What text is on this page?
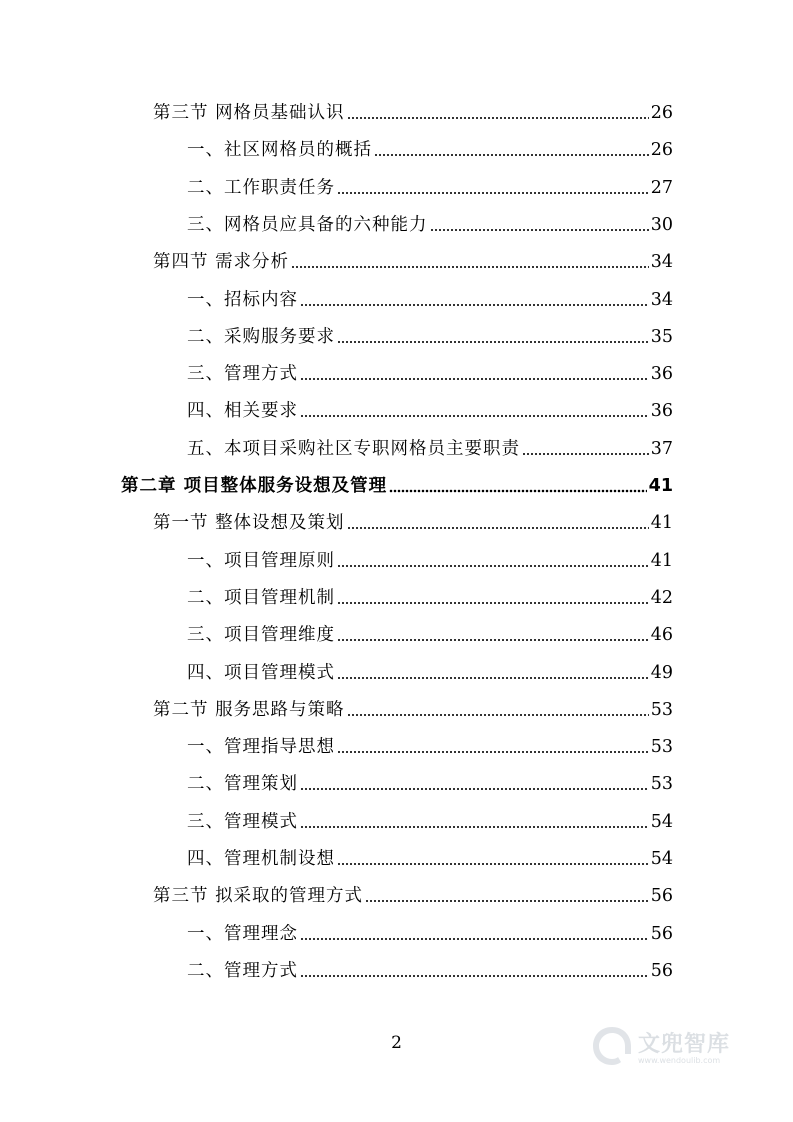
第三节 网格员基础认识	26
一、社区网格员的概括	26
二、工作职责任务	27
三、网格员应具备的六种能力	30
第四节 需求分析	34
一、招标内容	34
二、采购服务要求	35
三、管理方式	36
四、相关要求	36
五、本项目采购社区专职网格员主要职责	37
第二章 项目整体服务设想及管理	41
第一节 整体设想及策划	41
一、项目管理原则	41
二、项目管理机制	42
三、项目管理维度	46
四、项目管理模式	49
第二节 服务思路与策略	53
一、管理指导思想	53
二、管理策划	53
三、管理模式	54
四、管理机制设想	54
第三节 拟采取的管理方式	56
一、管理理念	56
二、管理方式	56
2	文兜智库
www.wendoulib.com
